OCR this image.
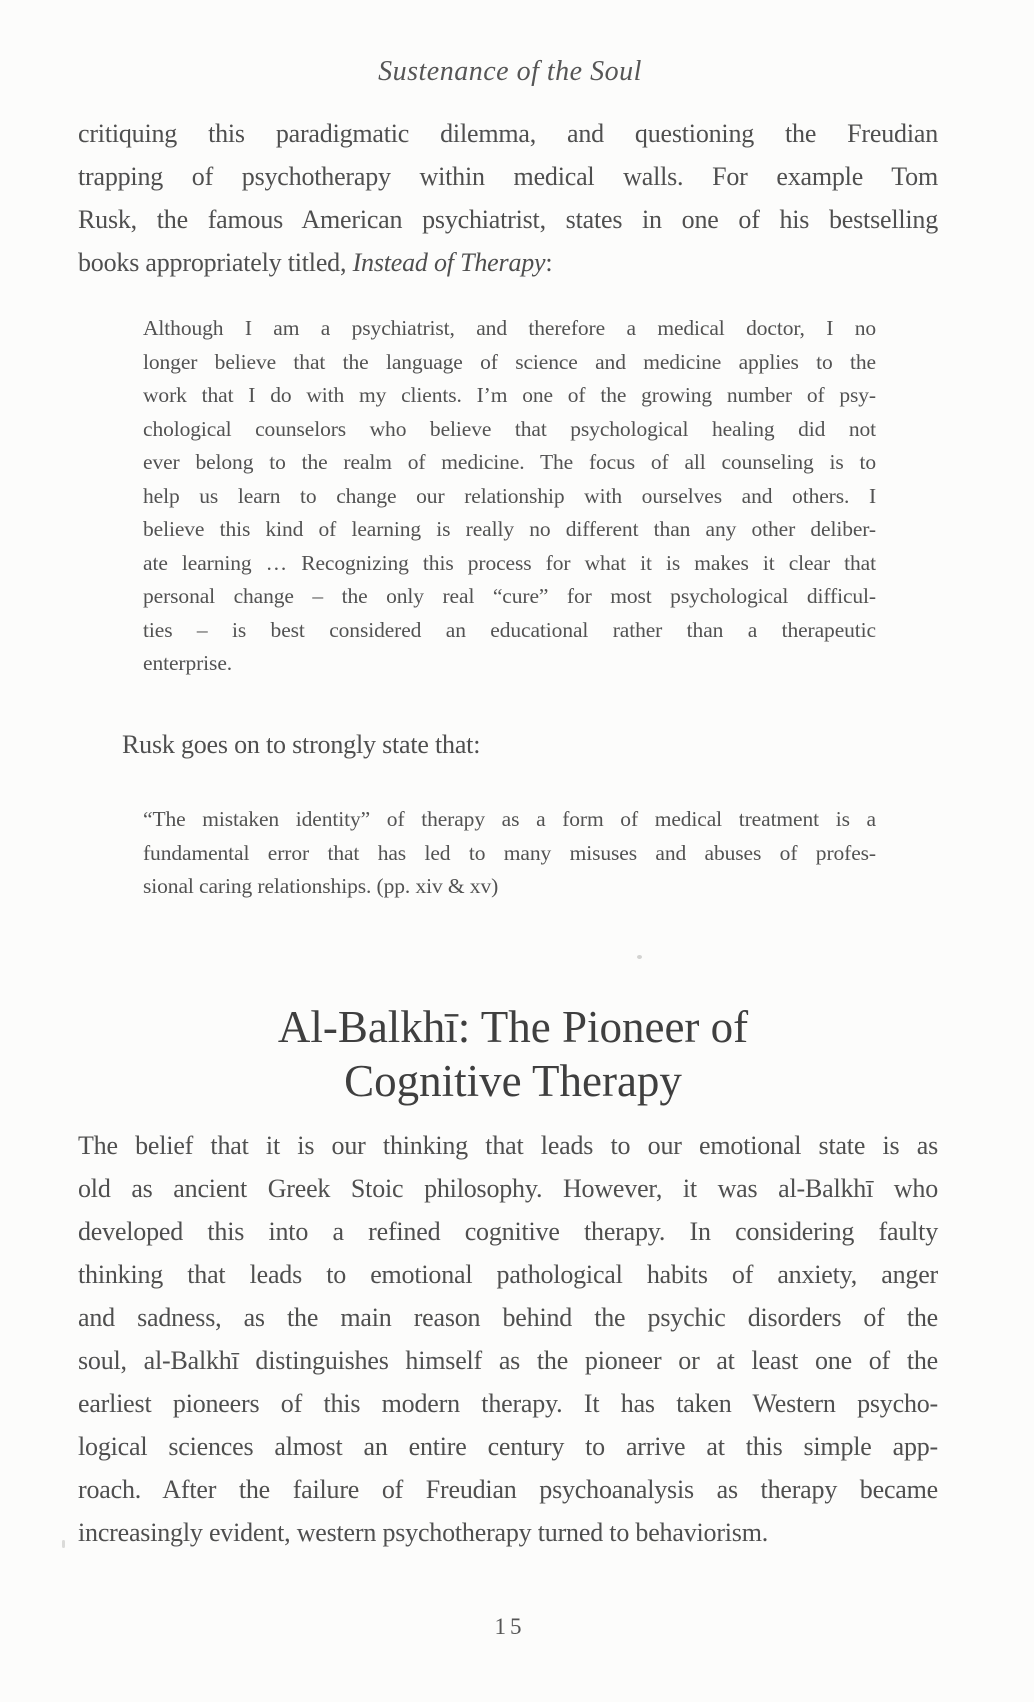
Sustenance of the Soul
critiquing this paradigmatic dilemma, and questioning the Freudian
trapping of psychotherapy within medical walls. For example Tom
Rusk, the famous American psychiatrist, states in one of his bestselling
books appropriately titled, Instead of Therapy:
Although I am a psychiatrist, and therefore a medical doctor, I no
longer believe that the language of science and medicine applies to the
work that I do with my clients. I’m one of the growing number of psy-
chological counselors who believe that psychological healing did not
ever belong to the realm of medicine. The focus of all counseling is to
help us learn to change our relationship with ourselves and others. I
believe this kind of learning is really no different than any other deliber-
ate learning … Recognizing this process for what it is makes it clear that
personal change – the only real “cure” for most psychological difficul-
ties – is best considered an educational rather than a therapeutic
enterprise.
Rusk goes on to strongly state that:
“The mistaken identity” of therapy as a form of medical treatment is a
fundamental error that has led to many misuses and abuses of profes-
sional caring relationships. (pp. xiv & xv)
Al-Balkhī: The Pioneer of
Cognitive Therapy
The belief that it is our thinking that leads to our emotional state is as
old as ancient Greek Stoic philosophy. However, it was al-Balkhī who
developed this into a refined cognitive therapy. In considering faulty
thinking that leads to emotional pathological habits of anxiety, anger
and sadness, as the main reason behind the psychic disorders of the
soul, al-Balkhī distinguishes himself as the pioneer or at least one of the
earliest pioneers of this modern therapy. It has taken Western psycho-
logical sciences almost an entire century to arrive at this simple app-
roach. After the failure of Freudian psychoanalysis as therapy became
increasingly evident, western psychotherapy turned to behaviorism.
15
